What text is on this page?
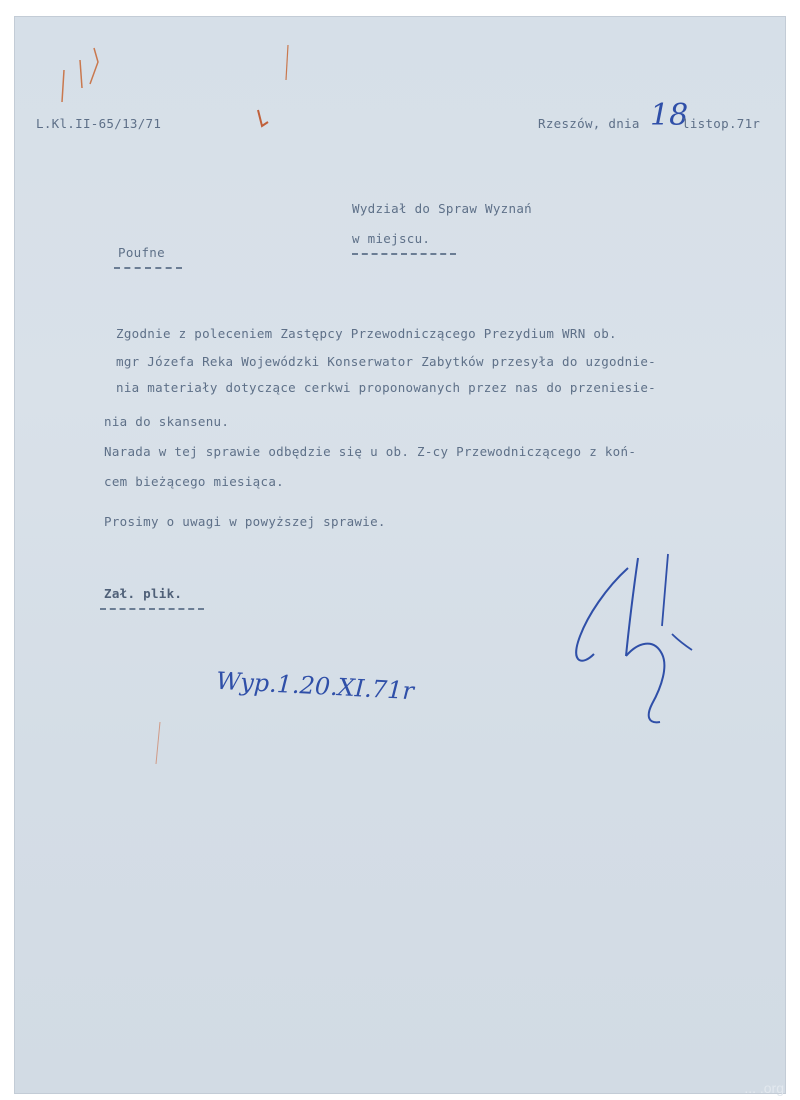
L.Kl.II-65/13/71	Rzeszów, dnia 18
listop.71r
Wydział do Spraw Wyznań
w miejscu.
Poufne
Zgodnie z poleceniem Zastępcy Przewodniczącego Prezydium WRN ob.
mgr Józefa Reka Wojewódzki Konserwator Zabytków przesyła do uzgodnie-
nia materiały dotyczące cerkwi proponowanych przez nas do przeniesie-
nia do skansenu.
Narada w tej sprawie odbędzie się u ob. Z-cy Przewodniczącego z koń-
cem bieżącego miesiąca.
Prosimy o uwagi w powyższej sprawie.
Zał. plik.
Wyp.1.20.XI.71r
... .org
